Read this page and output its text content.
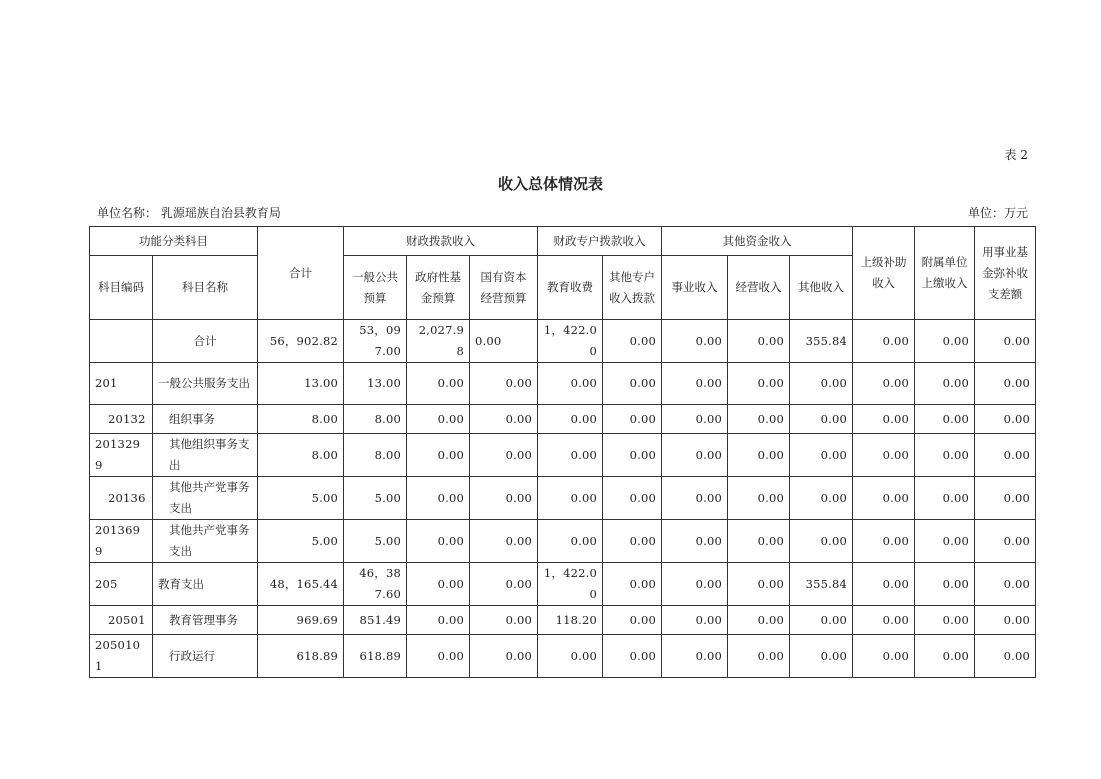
表 2
收入总体情况表
单位名称： 乳源瑶族自治县教育局	单位：万元
功能分类科目		合计	财政拨款收入			财政专户拨款收入		其他资金收入			上级补助收入	附属单位上缴收入	用事业基金弥补收支差额
科目编码	科目名称		一般公共预算	政府性基金预算	国有资本经营预算	教育收费	其他专户收入拨款	事业收入	经营收入	其他收入			
	合计	56，902.82	53，097.00	2,027.98	0.00	1，422.00	0.00	0.00	0.00	355.84	0.00	0.00	0.00
201	一般公共服务支出	13.00	13.00	0.00	0.00	0.00	0.00	0.00	0.00	0.00	0.00	0.00	0.00
20132	组织事务	8.00	8.00	0.00	0.00	0.00	0.00	0.00	0.00	0.00	0.00	0.00	0.00
2013299	其他组织事务支出	8.00	8.00	0.00	0.00	0.00	0.00	0.00	0.00	0.00	0.00	0.00	0.00
20136	其他共产党事务支出	5.00	5.00	0.00	0.00	0.00	0.00	0.00	0.00	0.00	0.00	0.00	0.00
2013699	其他共产党事务支出	5.00	5.00	0.00	0.00	0.00	0.00	0.00	0.00	0.00	0.00	0.00	0.00
205	教育支出	48，165.44	46，387.60	0.00	0.00	1，422.00	0.00	0.00	0.00	355.84	0.00	0.00	0.00
20501	教育管理事务	969.69	851.49	0.00	0.00	118.20	0.00	0.00	0.00	0.00	0.00	0.00	0.00
2050101	行政运行	618.89	618.89	0.00	0.00	0.00	0.00	0.00	0.00	0.00	0.00	0.00	0.00
